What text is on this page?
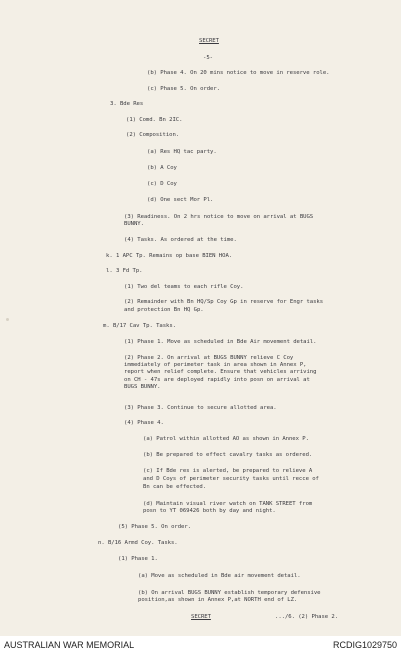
SECRET
-5-
(b) Phase 4. On 20 mins notice to move in reserve role.
(c) Phase 5. On order.
3. Bde Res
(1) Comd. Bn 2IC.
(2) Composition.
(a) Res HQ tac party.
(b) A Coy
(c) D Coy
(d) One sect Mor Pl.
(3) Readiness. On 2 hrs notice to move on arrival at BUGS
BUNNY.
(4) Tasks. As ordered at the time.
k. 1 APC Tp. Remains op base BIEN HOA.
l. 3 Fd Tp.
(1) Two del teams to each rifle Coy.
(2) Remainder with Bn HQ/Sp Coy Gp in reserve for Engr tasks
and protection Bn HQ Gp.
m. B/17 Cav Tp. Tasks.
(1) Phase 1. Move as scheduled in Bde Air movement detail.
(2) Phase 2. On arrival at BUGS BUNNY relieve C Coy
immediately of perimeter task in area shown in Annex P,
report when relief complete. Ensure that vehicles arriving
on CH - 47s are deployed rapidly into posn on arrival at
BUGS BUNNY.
(3) Phase 3. Continue to secure allotted area.
(4) Phase 4.
(a) Patrol within allotted AO as shown in Annex P.
(b) Be prepared to effect cavalry tasks as ordered.
(c) If Bde res is alerted, be prepared to relieve A
and D Coys of perimeter security tasks until recce of
Bn can be effected.
(d) Maintain visual river watch on TANK STREET from
posn to YT 069426 both by day and night.
(5) Phase 5. On order.
n. B/16 Armd Coy. Tasks.
(1) Phase 1.
(a) Move as scheduled in Bde air movement detail.
(b) On arrival BUGS BUNNY establish temporary defensive
position,as shown in Annex P,at NORTH end of LZ.
SECRET	.../6. (2) Phase 2.
AUSTRALIAN WAR MEMORIAL	RCDIG1029750
